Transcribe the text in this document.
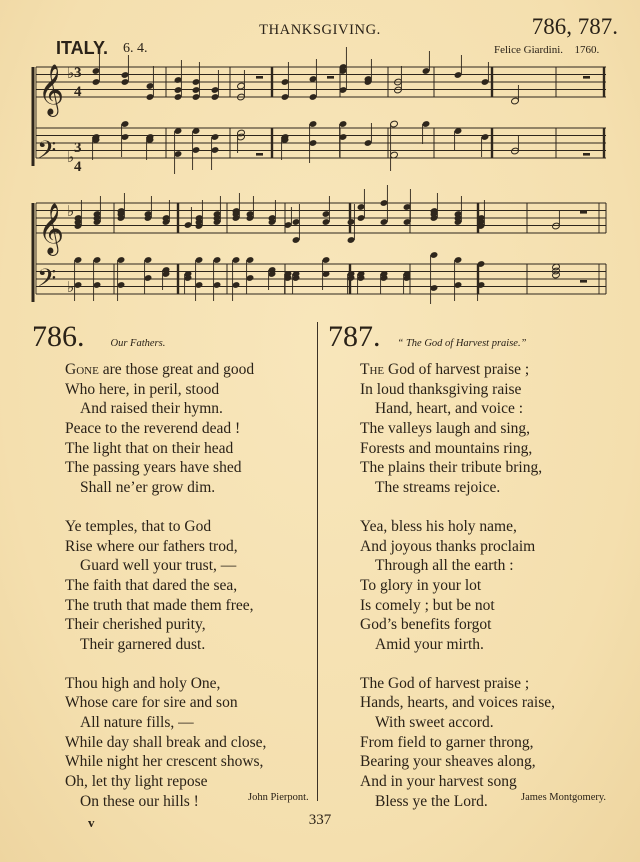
THANKSGIVING.	786, 787.
ITALY. 6. 4.	Felice Giardini. 1760.
𝄞
𝄞
𝄢
𝄢
♭
♭
♭
♭
3
4
3
4
786. Our Fathers.
Gone are those great and good
Who here, in peril, stood
And raised their hymn.
Peace to the reverend dead !
The light that on their head
The passing years have shed
Shall ne’er grow dim.
Ye temples, that to God
Rise where our fathers trod,
Guard well your trust, —
The faith that dared the sea,
The truth that made them free,
Their cherished purity,
Their garnered dust.
Thou high and holy One,
Whose care for sire and son
All nature fills, —
While day shall break and close,
While night her crescent shows,
Oh, let thy light repose
On these our hills !	John Pierpont.
787. “ The God of Harvest praise.”
The God of harvest praise ;
In loud thanksgiving raise
Hand, heart, and voice :
The valleys laugh and sing,
Forests and mountains ring,
The plains their tribute bring,
The streams rejoice.
Yea, bless his holy name,
And joyous thanks proclaim
Through all the earth :
To glory in your lot
Is comely ; but be not
God’s benefits forgot
Amid your mirth.
The God of harvest praise ;
Hands, hearts, and voices raise,
With sweet accord.
From field to garner throng,
Bearing your sheaves along,
And in your harvest song
Bless ye the Lord.	James Montgomery.
v	337
